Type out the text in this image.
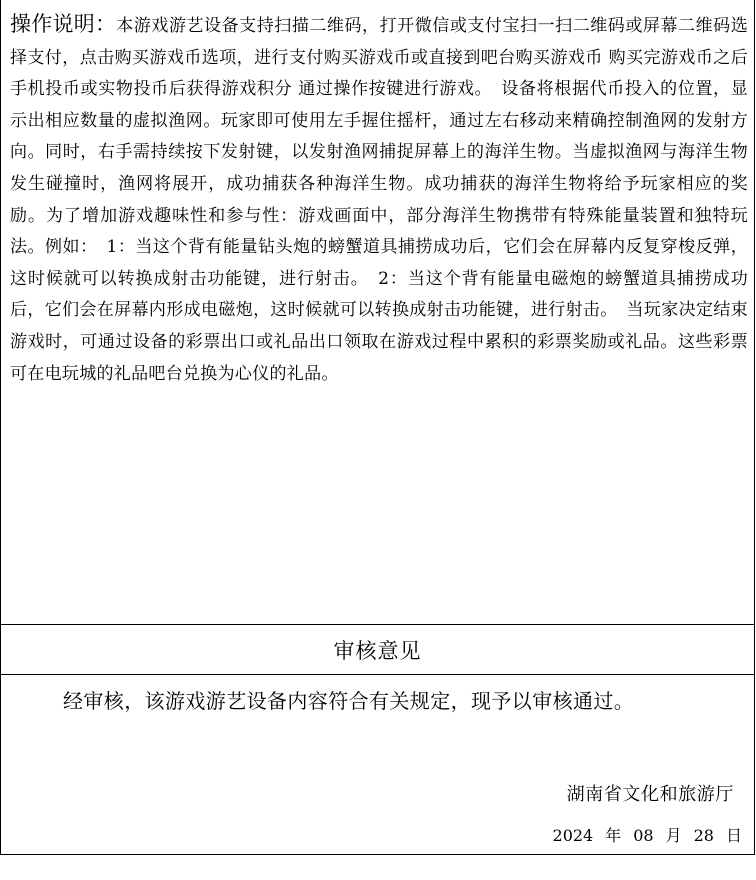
操作说明：本游戏游艺设备支持扫描二维码，打开微信或支付宝扫一扫二维码或屏幕二维码选择支付，点击购买游戏币选项，进行支付购买游戏币或直接到吧台购买游戏币 购买完游戏币之后手机投币或实物投币后获得游戏积分 通过操作按键进行游戏。　设备将根据代币投入的位置，显示出相应数量的虚拟渔网。玩家即可使用左手握住摇杆，通过左右移动来精确控制渔网的发射方向。同时，右手需持续按下发射键，以发射渔网捕捉屏幕上的海洋生物。当虚拟渔网与海洋生物发生碰撞时，渔网将展开，成功捕获各种海洋生物。成功捕获的海洋生物将给予玩家相应的奖励。为了增加游戏趣味性和参与性：游戏画面中，部分海洋生物携带有特殊能量装置和独特玩法。例如：　1：当这个背有能量钻头炮的螃蟹道具捕捞成功后，它们会在屏幕内反复穿梭反弹，这时候就可以转换成射击功能键，进行射击。　2：当这个背有能量电磁炮的螃蟹道具捕捞成功后，它们会在屏幕内形成电磁炮，这时候就可以转换成射击功能键，进行射击。　当玩家决定结束游戏时，可通过设备的彩票出口或礼品出口领取在游戏过程中累积的彩票奖励或礼品。这些彩票可在电玩城的礼品吧台兑换为心仪的礼品。

审核意见
经审核，该游戏游艺设备内容符合有关规定，现予以审核通过。
湖南省文化和旅游厅
2024 年 08 月 28 日
